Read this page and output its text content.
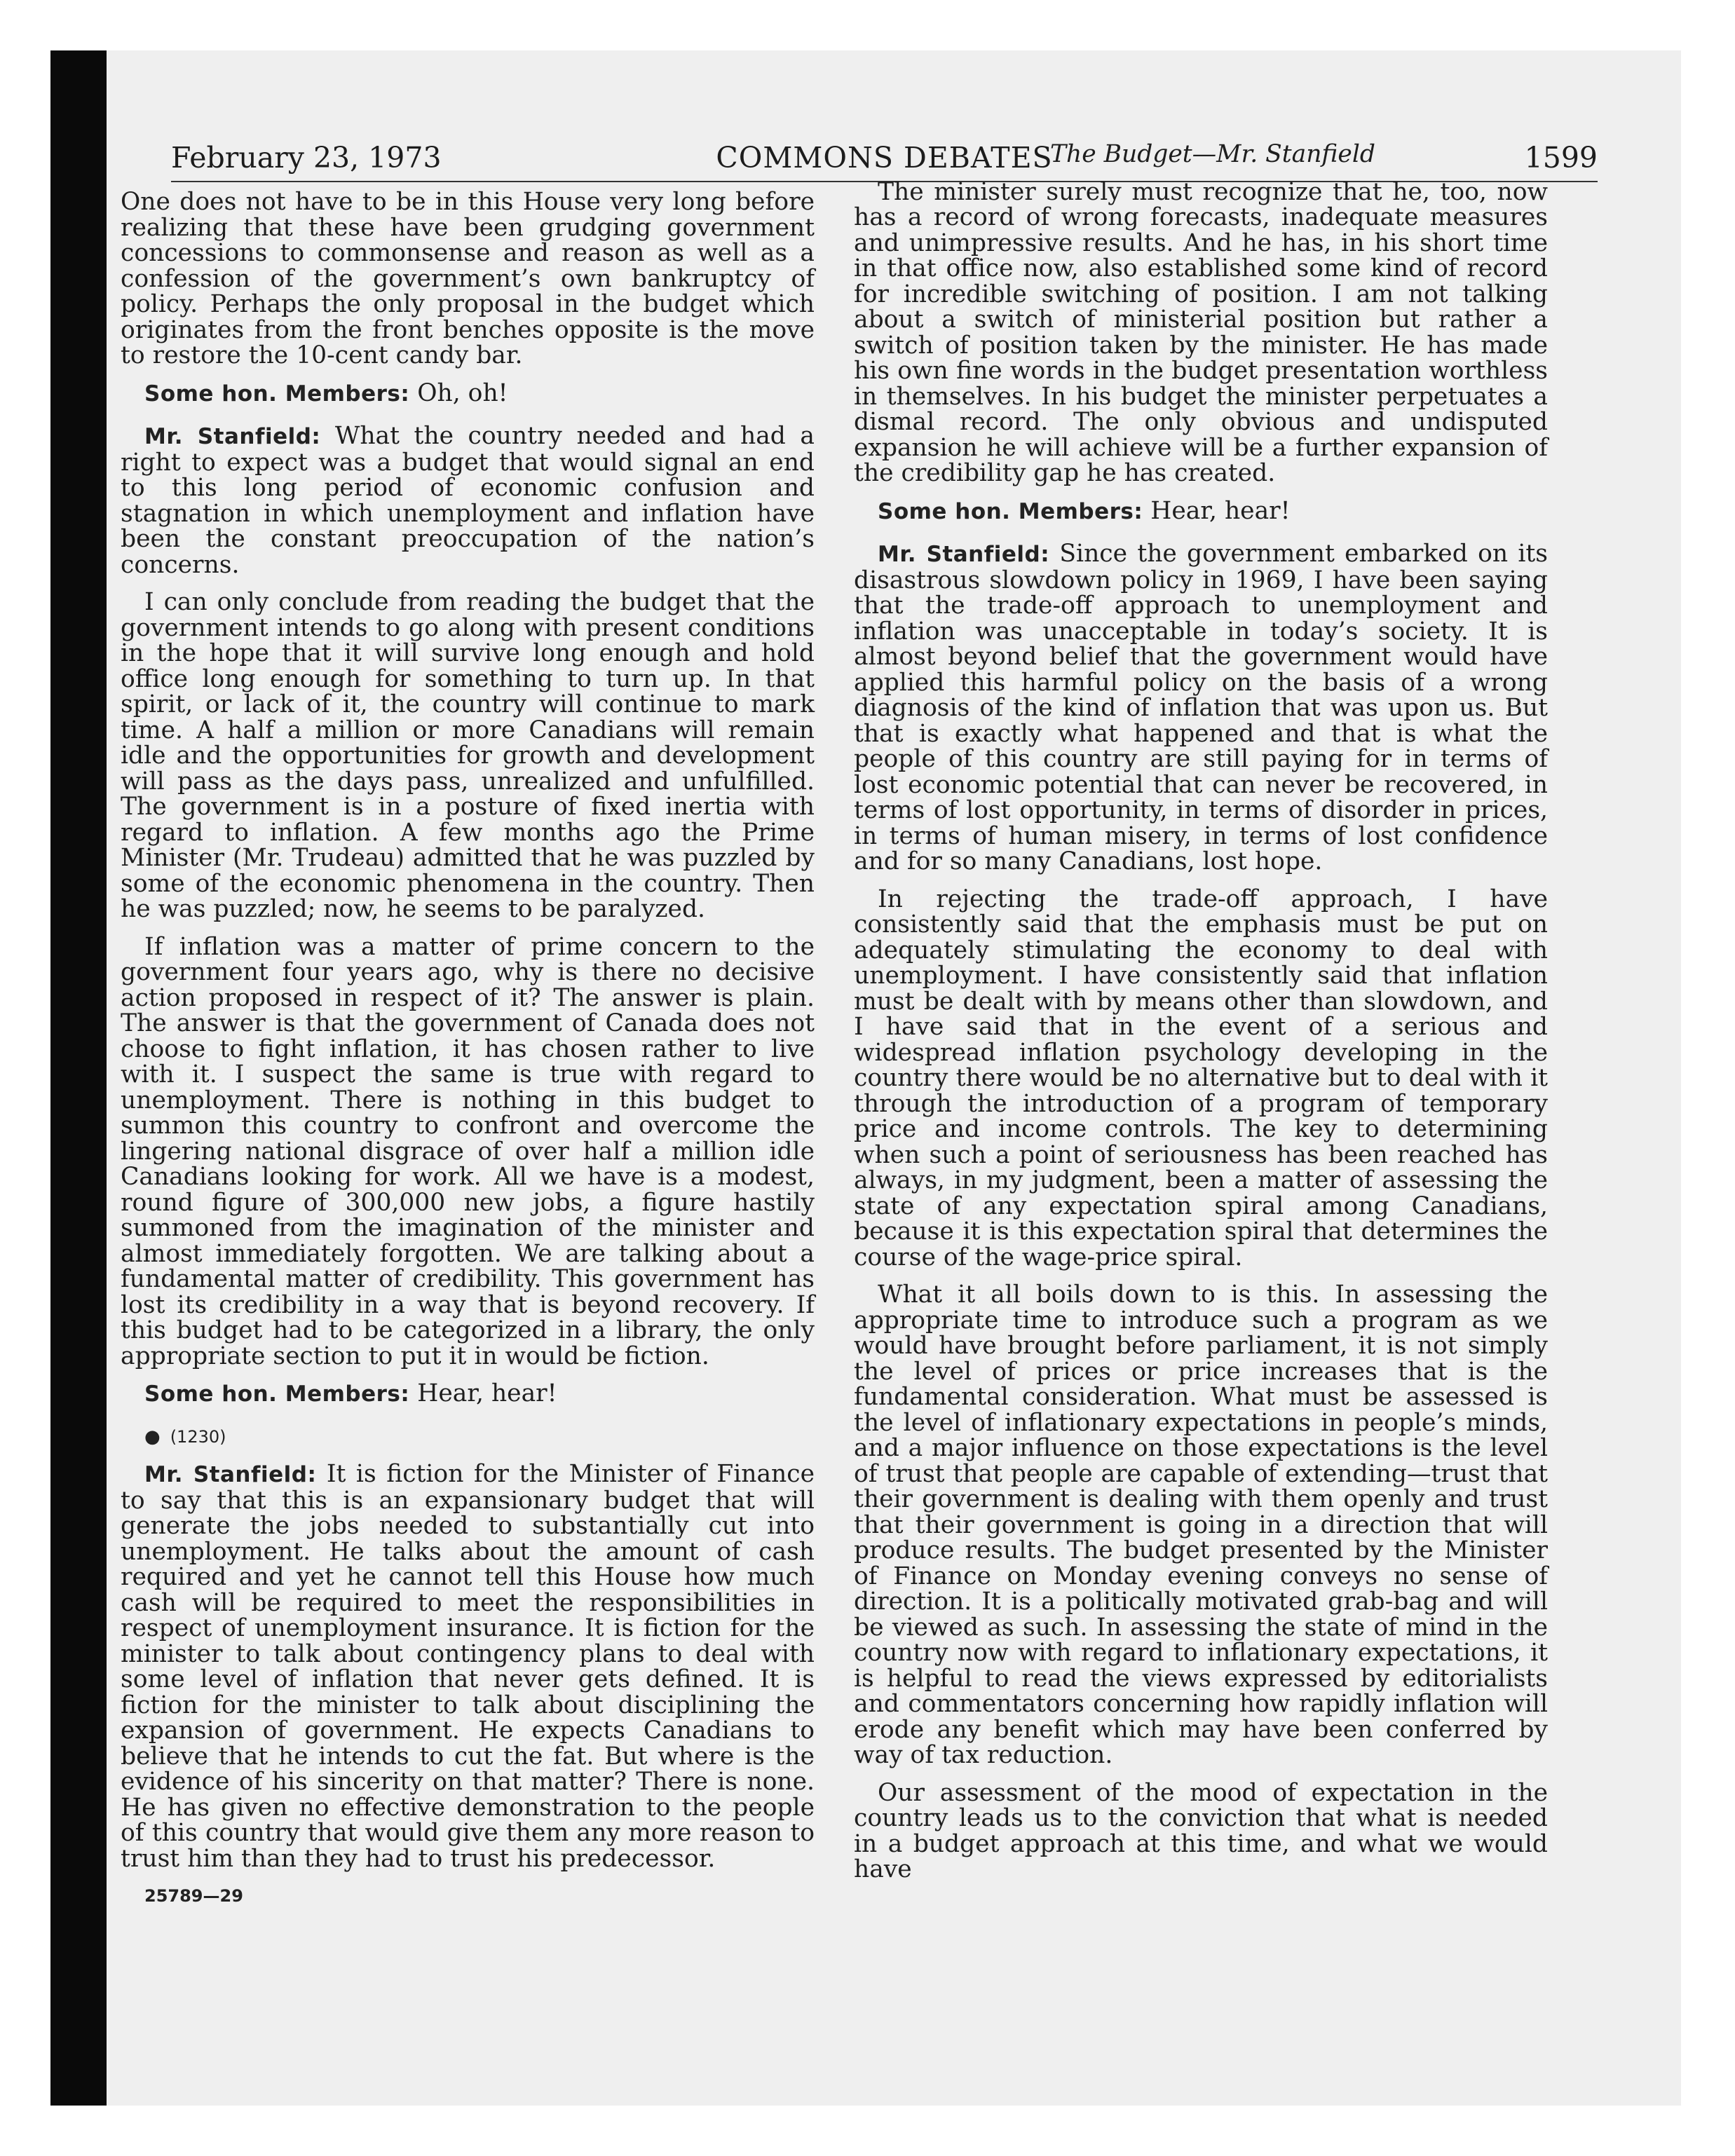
February 23, 1973	COMMONS DEBATES	1599

One does not have to be in this House very long before realizing that these have been grudging government concessions to commonsense and reason as well as a confession of the government’s own bankruptcy of policy. Perhaps the only proposal in the budget which originates from the front benches opposite is the move to restore the 10-cent candy bar.

Some hon. Members: Oh, oh!

Mr. Stanfield: What the country needed and had a right to expect was a budget that would signal an end to this long period of economic confusion and stagnation in which unemployment and inflation have been the constant preoccupation of the nation’s concerns.

I can only conclude from reading the budget that the government intends to go along with present conditions in the hope that it will survive long enough and hold office long enough for something to turn up. In that spirit, or lack of it, the country will continue to mark time. A half a million or more Canadians will remain idle and the opportunities for growth and development will pass as the days pass, unrealized and unfulfilled. The government is in a posture of fixed inertia with regard to inflation. A few months ago the Prime Minister (Mr. Trudeau) admitted that he was puzzled by some of the economic phenomena in the country. Then he was puzzled; now, he seems to be paralyzed.

If inflation was a matter of prime concern to the government four years ago, why is there no decisive action proposed in respect of it? The answer is plain. The answer is that the government of Canada does not choose to fight inflation, it has chosen rather to live with it. I suspect the same is true with regard to unemployment. There is nothing in this budget to summon this country to confront and overcome the lingering national disgrace of over half a million idle Canadians looking for work. All we have is a modest, round figure of 300,000 new jobs, a figure hastily summoned from the imagination of the minister and almost immediately forgotten. We are talking about a fundamental matter of credibility. This government has lost its credibility in a way that is beyond recovery. If this budget had to be categorized in a library, the only appropriate section to put it in would be fiction.

Some hon. Members: Hear, hear!

● (1230)

Mr. Stanfield: It is fiction for the Minister of Finance to say that this is an expansionary budget that will generate the jobs needed to substantially cut into unemployment. He talks about the amount of cash required and yet he cannot tell this House how much cash will be required to meet the responsibilities in respect of unemployment insurance. It is fiction for the minister to talk about contingency plans to deal with some level of inflation that never gets defined. It is fiction for the minister to talk about disciplining the expansion of government. He expects Canadians to believe that he intends to cut the fat. But where is the evidence of his sincerity on that matter? There is none. He has given no effective demonstration to the people of this country that would give them any more reason to trust him than they had to trust his predecessor.

25789—29

The Budget—Mr. Stanfield

The minister surely must recognize that he, too, now has a record of wrong forecasts, inadequate measures and unimpressive results. And he has, in his short time in that office now, also established some kind of record for incredible switching of position. I am not talking about a switch of ministerial position but rather a switch of position taken by the minister. He has made his own fine words in the budget presentation worthless in themselves. In his budget the minister perpetuates a dismal record. The only obvious and undisputed expansion he will achieve will be a further expansion of the credibility gap he has created.

Some hon. Members: Hear, hear!

Mr. Stanfield: Since the government embarked on its disastrous slowdown policy in 1969, I have been saying that the trade-off approach to unemployment and inflation was unacceptable in today’s society. It is almost beyond belief that the government would have applied this harmful policy on the basis of a wrong diagnosis of the kind of inflation that was upon us. But that is exactly what happened and that is what the people of this country are still paying for in terms of lost economic potential that can never be recovered, in terms of lost opportunity, in terms of disorder in prices, in terms of human misery, in terms of lost confidence and for so many Canadians, lost hope.

In rejecting the trade-off approach, I have consistently said that the emphasis must be put on adequately stimulating the economy to deal with unemployment. I have consistently said that inflation must be dealt with by means other than slowdown, and I have said that in the event of a serious and widespread inflation psychology developing in the country there would be no alternative but to deal with it through the introduction of a program of temporary price and income controls. The key to determining when such a point of seriousness has been reached has always, in my judgment, been a matter of assessing the state of any expectation spiral among Canadians, because it is this expectation spiral that determines the course of the wage-price spiral.

What it all boils down to is this. In assessing the appropriate time to introduce such a program as we would have brought before parliament, it is not simply the level of prices or price increases that is the fundamental consideration. What must be assessed is the level of inflationary expectations in people’s minds, and a major influence on those expectations is the level of trust that people are capable of extending—trust that their government is dealing with them openly and trust that their government is going in a direction that will produce results. The budget presented by the Minister of Finance on Monday evening conveys no sense of direction. It is a politically motivated grab-bag and will be viewed as such. In assessing the state of mind in the country now with regard to inflationary expectations, it is helpful to read the views expressed by editorialists and commentators concerning how rapidly inflation will erode any benefit which may have been conferred by way of tax reduction.

Our assessment of the mood of expectation in the country leads us to the conviction that what is needed in a budget approach at this time, and what we would have
